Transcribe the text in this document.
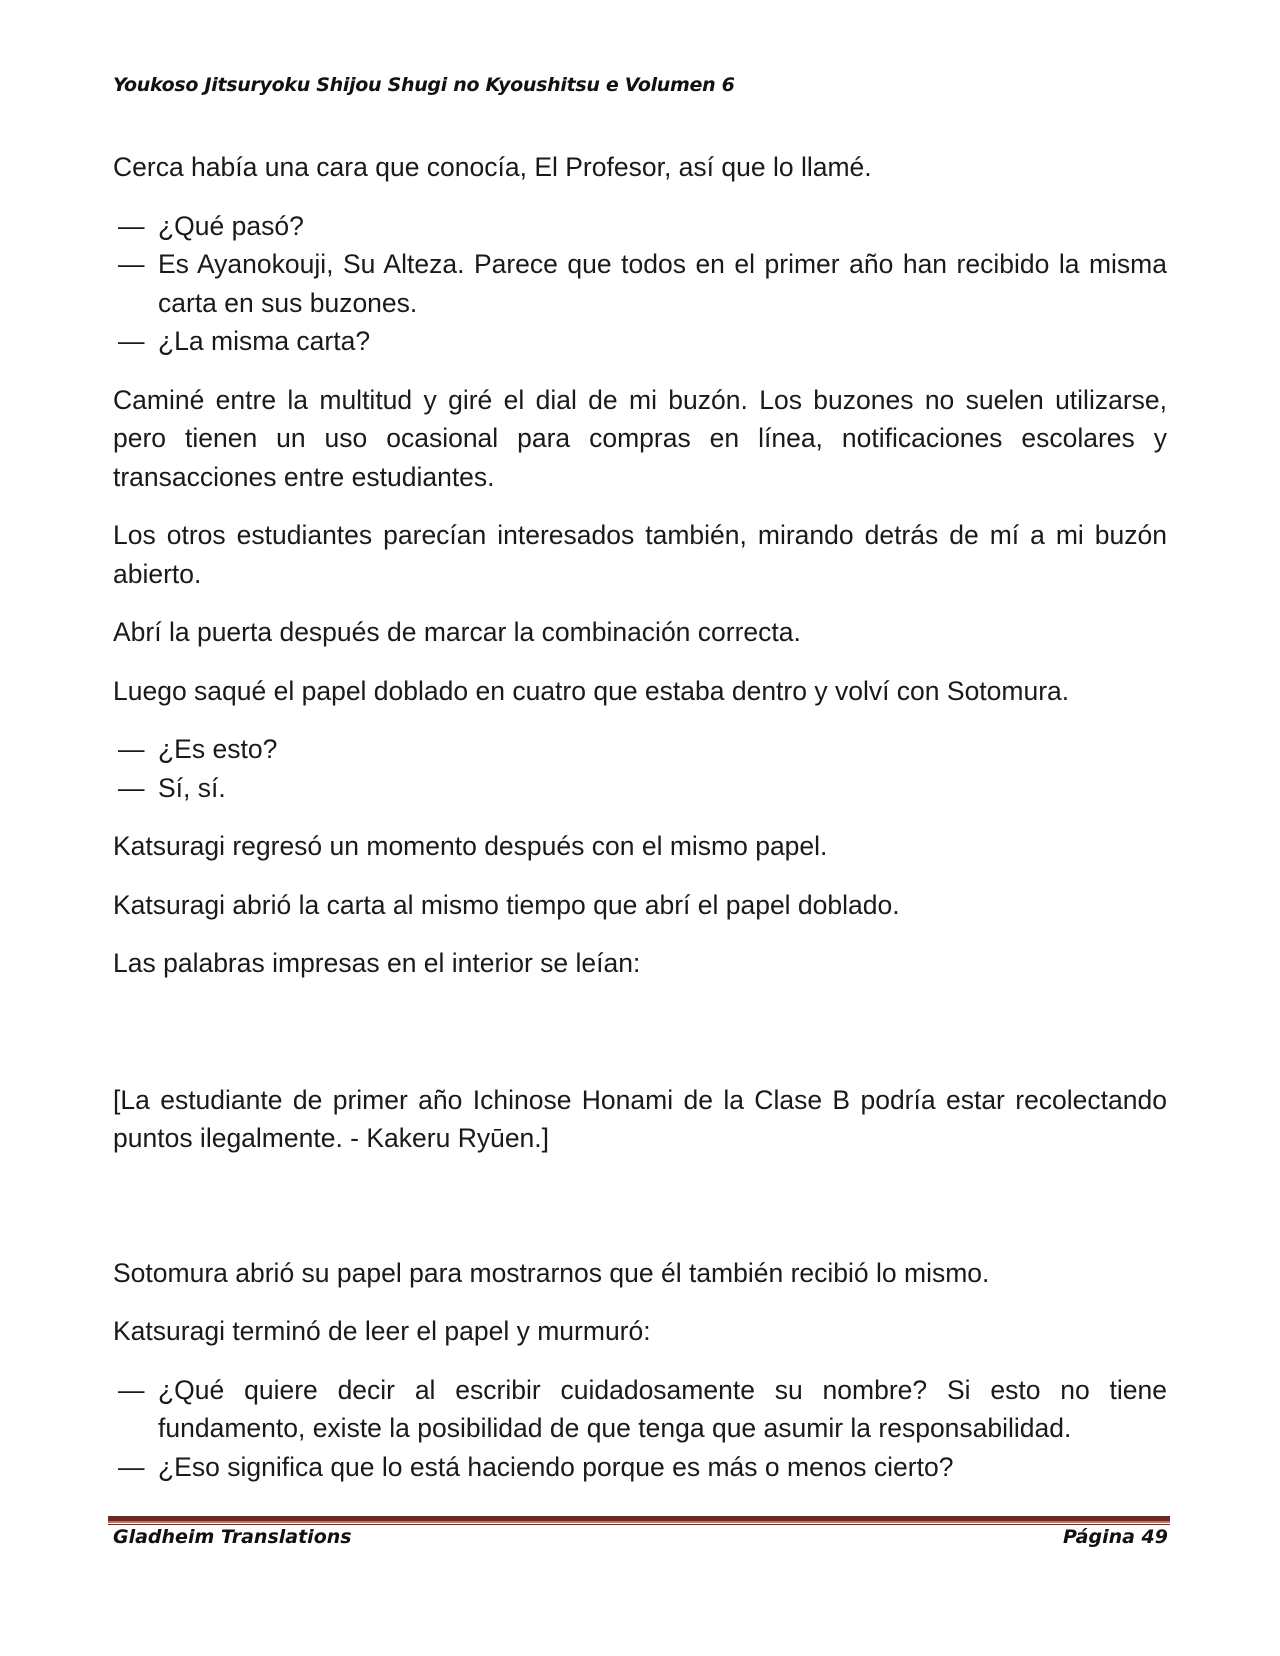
Youkoso Jitsuryoku Shijou Shugi no Kyoushitsu e Volumen 6

Cerca había una cara que conocía, El Profesor, así que lo llamé.

— ¿Qué pasó?
— Es Ayanokouji, Su Alteza. Parece que todos en el primer año han recibido la misma carta en sus buzones.
— ¿La misma carta?

Caminé entre la multitud y giré el dial de mi buzón. Los buzones no suelen utilizarse, pero tienen un uso ocasional para compras en línea, notificaciones escolares y transacciones entre estudiantes.

Los otros estudiantes parecían interesados también, mirando detrás de mí a mi buzón abierto.

Abrí la puerta después de marcar la combinación correcta.

Luego saqué el papel doblado en cuatro que estaba dentro y volví con Sotomura.

— ¿Es esto?
— Sí, sí.

Katsuragi regresó un momento después con el mismo papel.

Katsuragi abrió la carta al mismo tiempo que abrí el papel doblado.

Las palabras impresas en el interior se leían:

[La estudiante de primer año Ichinose Honami de la Clase B podría estar recolectando puntos ilegalmente. - Kakeru Ryūen.]

Sotomura abrió su papel para mostrarnos que él también recibió lo mismo.

Katsuragi terminó de leer el papel y murmuró:

— ¿Qué quiere decir al escribir cuidadosamente su nombre? Si esto no tiene fundamento, existe la posibilidad de que tenga que asumir la responsabilidad.
— ¿Eso significa que lo está haciendo porque es más o menos cierto?
Gladheim Translations	Página 49
